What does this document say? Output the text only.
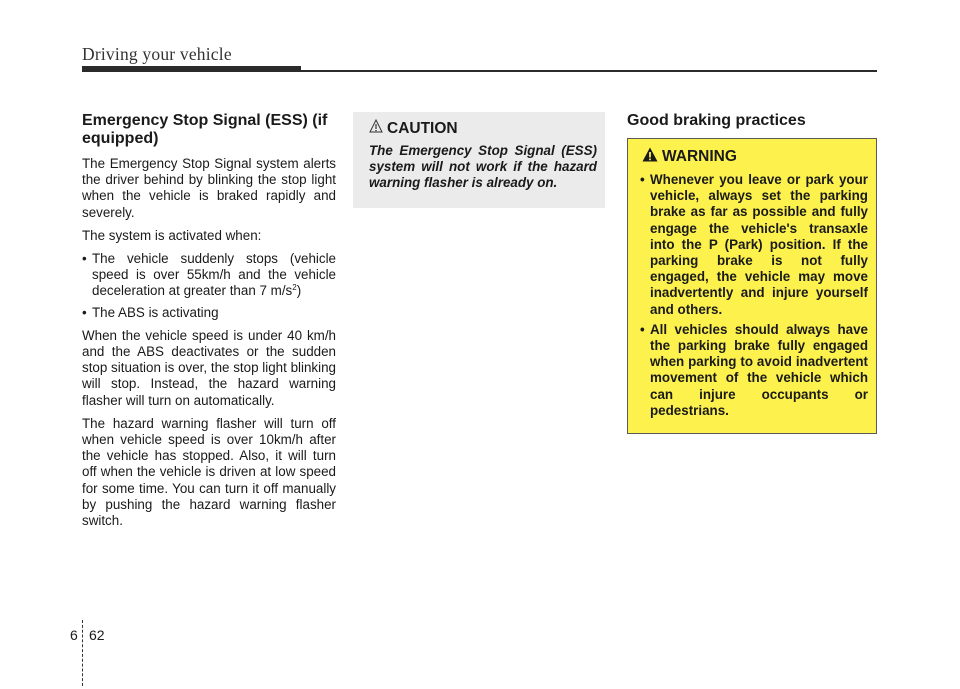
Driving your vehicle
Emergency Stop Signal (ESS) (if equipped)

The Emergency Stop Signal system alerts the driver behind by blinking the stop light when the vehicle is braked rapidly and severely.

The system is activated when:

• The vehicle suddenly stops (vehicle speed is over 55km/h and the vehicle deceleration at greater than 7 $m/s^2$)
• The ABS is activating

When the vehicle speed is under 40 km/h and the ABS deactivates or the sudden stop situation is over, the stop light blinking will stop. Instead, the hazard warning flasher will turn on automatically.

The hazard warning flasher will turn off when vehicle speed is over 10km/h after the vehicle has stopped. Also, it will turn off when the vehicle is driven at low speed for some time. You can turn it off manually by pushing the hazard warning flasher switch.

CAUTION
The Emergency Stop Signal (ESS) system will not work if the hazard warning flasher is already on.
Good braking practices
WARNING
• Whenever you leave or park your vehicle, always set the parking brake as far as possible and fully engage the vehicle's transaxle into the P (Park) position. If the parking brake is not fully engaged, the vehicle may move inadvertently and injure yourself and others.
• All vehicles should always have the parking brake fully engaged when parking to avoid inadvertent movement of the vehicle which can injure occupants or pedestrians.
6 62
